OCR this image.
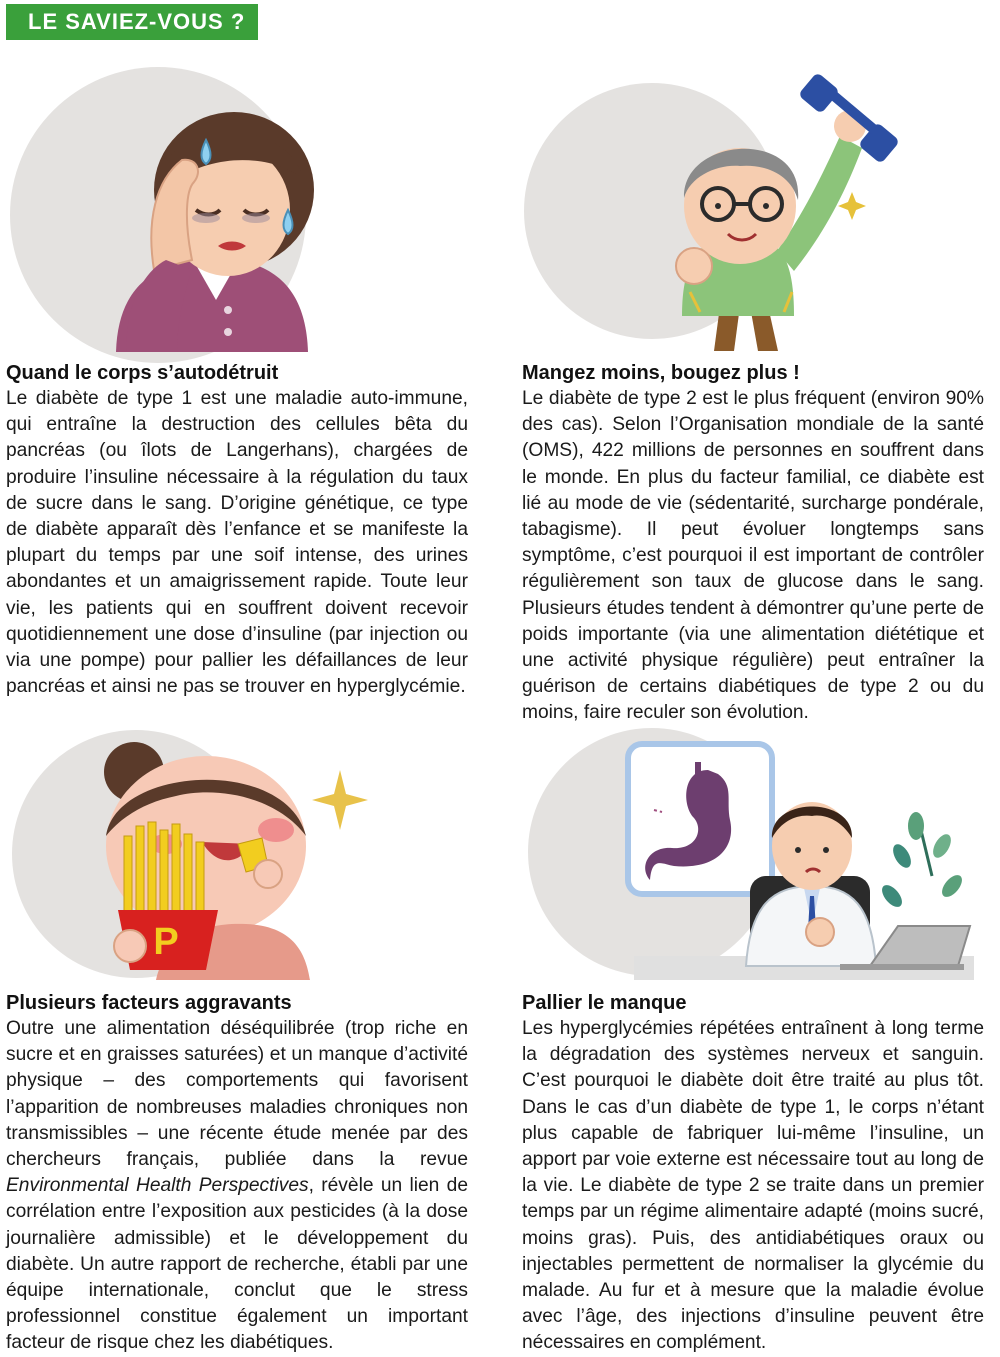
LE SAVIEZ-VOUS ?
Quand le corps s’autodétruit

Le diabète de type 1 est une maladie auto-immune, qui entraîne la destruction des cellules bêta du pancréas (ou îlots de Langerhans), chargées de produire l’insuline nécessaire à la régulation du taux de sucre dans le sang. D’origine génétique, ce type de diabète apparaît dès l’enfance et se manifeste la plupart du temps par une soif intense, des urines abondantes et un amaigrissement rapide. Toute leur vie, les patients qui en souffrent doivent recevoir quotidiennement une dose d’insuline (par injection ou via une pompe) pour pallier les défaillances de leur pancréas et ainsi ne pas se trouver en hyperglycémie.

Mangez moins, bougez plus !

Le diabète de type 2 est le plus fréquent (environ 90% des cas). Selon l’Organisation mondiale de la santé (OMS), 422 millions de personnes en souffrent dans le monde. En plus du facteur familial, ce diabète est lié au mode de vie (sédentarité, surcharge pondérale, tabagisme). Il peut évoluer longtemps sans symptôme, c’est pourquoi il est important de contrôler régulièrement son taux de glucose dans le sang. Plusieurs études tendent à démontrer qu’une perte de poids importante (via une alimentation diététique et une activité physique régulière) peut entraîner la guérison de certains diabétiques de type 2 ou du moins, faire reculer son évolution.

P
Plusieurs facteurs aggravants

Outre une alimentation déséquilibrée (trop riche en sucre et en graisses saturées) et un manque d’activité physique – des comportements qui favorisent l’apparition de nombreuses maladies chroniques non transmissibles – une récente étude menée par des chercheurs français, publiée dans la revue Environmental Health Perspectives, révèle un lien de corrélation entre l’exposition aux pesticides (à la dose journalière admissible) et le développement du diabète. Un autre rapport de recherche, établi par une équipe internationale, conclut que le stress professionnel constitue également un important facteur de risque chez les diabétiques.

Pallier le manque

Les hyperglycémies répétées entraînent à long terme la dégradation des systèmes nerveux et sanguin. C’est pourquoi le diabète doit être traité au plus tôt. Dans le cas d’un diabète de type 1, le corps n’étant plus capable de fabriquer lui-même l’insuline, un apport par voie externe est nécessaire tout au long de la vie. Le diabète de type 2 se traite dans un premier temps par un régime alimentaire adapté (moins sucré, moins gras). Puis, des antidiabétiques oraux ou injectables permettent de normaliser la glycémie du malade. Au fur et à mesure que la maladie évolue avec l’âge, des injections d’insuline peuvent être nécessaires en complément.
